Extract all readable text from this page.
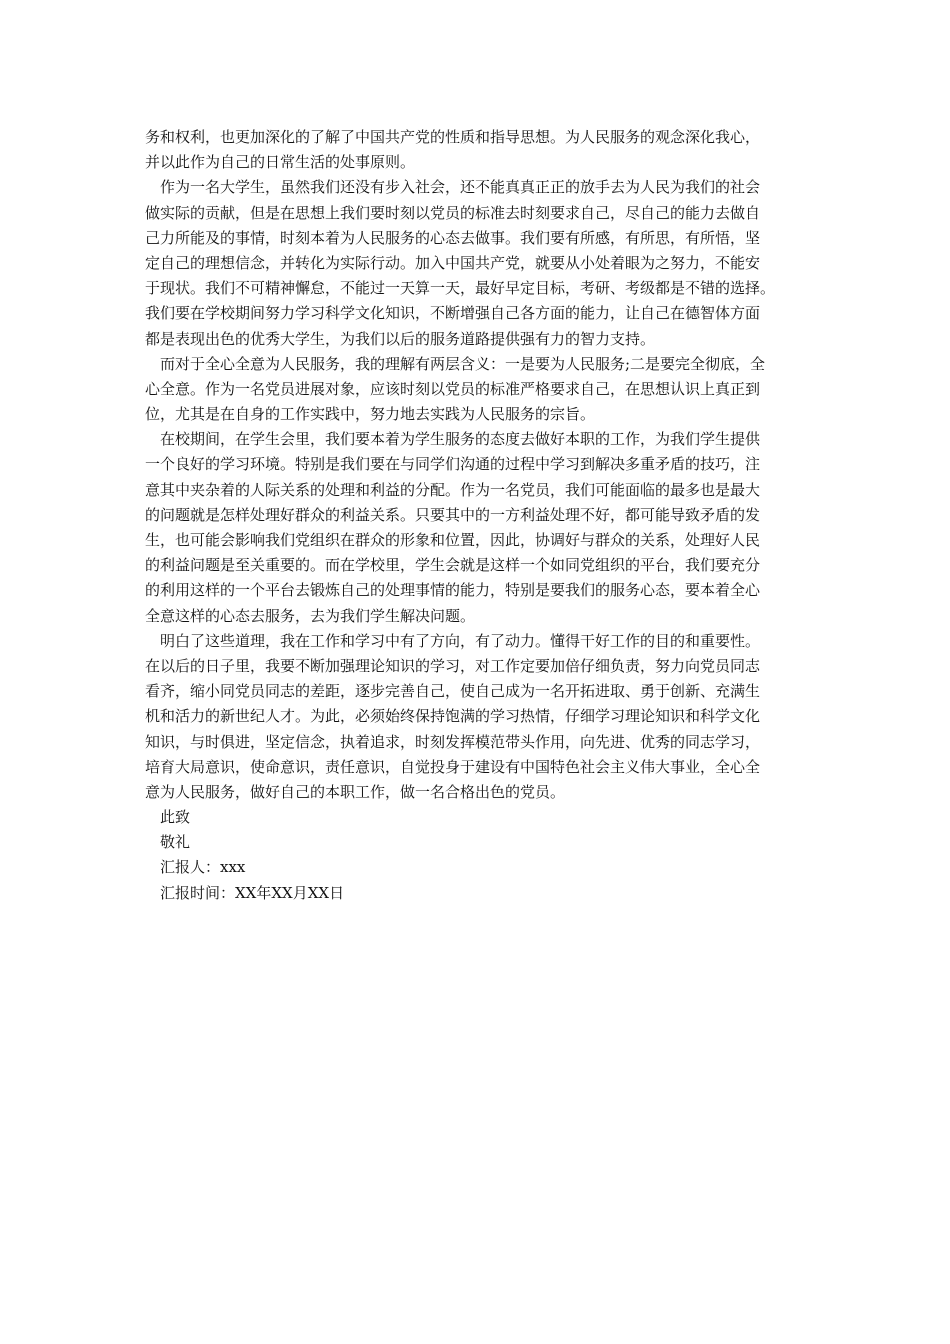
务和权利，也更加深化的了解了中国共产党的性质和指导思想。为人民服务的观念深化我心，
并以此作为自己的日常生活的处事原则。
作为一名大学生，虽然我们还没有步入社会，还不能真真正正的放手去为人民为我们的社会
做实际的贡献，但是在思想上我们要时刻以党员的标准去时刻要求自己，尽自己的能力去做自
己力所能及的事情，时刻本着为人民服务的心态去做事。我们要有所感，有所思，有所悟，坚
定自己的理想信念，并转化为实际行动。加入中国共产党，就要从小处着眼为之努力，不能安
于现状。我们不可精神懈怠，不能过一天算一天，最好早定目标，考研、考级都是不错的选择。
我们要在学校期间努力学习科学文化知识，不断增强自己各方面的能力，让自己在德智体方面
都是表现出色的优秀大学生，为我们以后的服务道路提供强有力的智力支持。
而对于全心全意为人民服务，我的理解有两层含义：一是要为人民服务;二是要完全彻底，全
心全意。作为一名党员进展对象，应该时刻以党员的标准严格要求自己，在思想认识上真正到
位，尤其是在自身的工作实践中，努力地去实践为人民服务的宗旨。
在校期间，在学生会里，我们要本着为学生服务的态度去做好本职的工作，为我们学生提供
一个良好的学习环境。特别是我们要在与同学们沟通的过程中学习到解决多重矛盾的技巧，注
意其中夹杂着的人际关系的处理和利益的分配。作为一名党员，我们可能面临的最多也是最大
的问题就是怎样处理好群众的利益关系。只要其中的一方利益处理不好，都可能导致矛盾的发
生，也可能会影响我们党组织在群众的形象和位置，因此，协调好与群众的关系，处理好人民
的利益问题是至关重要的。而在学校里，学生会就是这样一个如同党组织的平台，我们要充分
的利用这样的一个平台去锻炼自己的处理事情的能力，特别是要我们的服务心态，要本着全心
全意这样的心态去服务，去为我们学生解决问题。
明白了这些道理，我在工作和学习中有了方向，有了动力。懂得干好工作的目的和重要性。
在以后的日子里，我要不断加强理论知识的学习，对工作定要加倍仔细负责，努力向党员同志
看齐，缩小同党员同志的差距，逐步完善自己，使自己成为一名开拓进取、勇于创新、充满生
机和活力的新世纪人才。为此，必须始终保持饱满的学习热情，仔细学习理论知识和科学文化
知识，与时俱进，坚定信念，执着追求，时刻发挥模范带头作用，向先进、优秀的同志学习，
培育大局意识，使命意识，责任意识，自觉投身于建设有中国特色社会主义伟大事业，全心全
意为人民服务，做好自己的本职工作，做一名合格出色的党员。
此致
敬礼
汇报人：xxx
汇报时间：XX年XX月XX日
